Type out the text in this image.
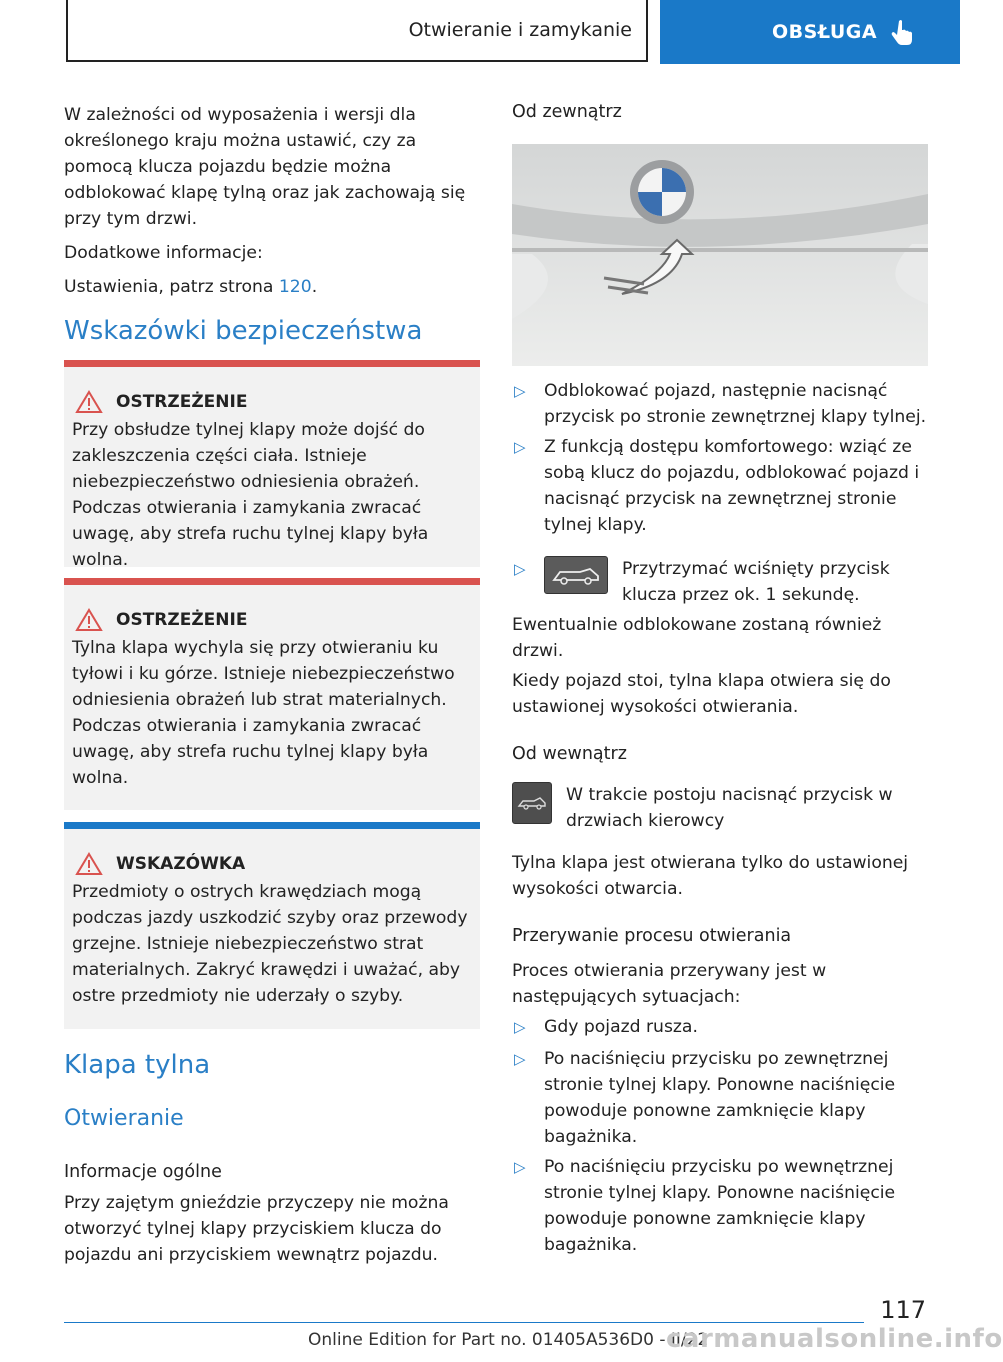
Otwieranie i zamykanie	OBSŁUGA

W zależności od wyposażenia i wersji dla określonego kraju można ustawić, czy za pomocą klucza pojazdu będzie można odblokować klapę tylną oraz jak zachowają się przy tym drzwi.

Dodatkowe informacje:

Ustawienia, patrz strona 120.

Wskazówki bezpieczeństwa
OSTRZEŻENIE
Przy obsłudze tylnej klapy może dojść do zakleszczenia części ciała. Istnieje niebezpieczeństwo odniesienia obrażeń. Podczas otwierania i zamykania zwracać uwagę, aby strefa ruchu tylnej klapy była wolna.
OSTRZEŻENIE
Tylna klapa wychyla się przy otwieraniu ku tyłowi i ku górze. Istnieje niebezpieczeństwo odniesienia obrażeń lub strat materialnych. Podczas otwierania i zamykania zwracać uwagę, aby strefa ruchu tylnej klapy była wolna.
WSKAZÓWKA
Przedmioty o ostrych krawędziach mogą podczas jazdy uszkodzić szyby oraz przewody grzejne. Istnieje niebezpieczeństwo strat materialnych. Zakryć krawędzi i uważać, aby ostre przedmioty nie uderzały o szyby.
Klapa tylna
Otwieranie
Informacje ogólne
Przy zajętym gnieździe przyczepy nie można otworzyć tylnej klapy przyciskiem klucza do pojazdu ani przyciskiem wewnątrz pojazdu.
Od zewnątrz
▷	Odblokować pojazd, następnie nacisnąć przycisk po stronie zewnętrznej klapy tylnej.
▷	Z funkcją dostępu komfortowego: wziąć ze sobą klucz do pojazdu, odblokować pojazd i nacisnąć przycisk na zewnętrznej stronie tylnej klapy.
▷	Przytrzymać wciśnięty przycisk klucza przez ok. 1 sekundę.
Ewentualnie odblokowane zostaną również drzwi.
Kiedy pojazd stoi, tylna klapa otwiera się do ustawionej wysokości otwierania.
Od wewnątrz
W trakcie postoju nacisnąć przycisk w drzwiach kierowcy
Tylna klapa jest otwierana tylko do ustawionej wysokości otwarcia.
Przerywanie procesu otwierania
Proces otwierania przerywany jest w następujących sytuacjach:
▷	Gdy pojazd rusza.
▷	Po naciśnięciu przycisku po zewnętrznej stronie tylnej klapy. Ponowne naciśnięcie powoduje ponowne zamknięcie klapy bagażnika.
▷	Po naciśnięciu przycisku po wewnętrznej stronie tylnej klapy. Ponowne naciśnięcie powoduje ponowne zamknięcie klapy bagażnika.
117
Online Edition for Part no. 01405A536D0 - II/22
carmanualsonline.info
